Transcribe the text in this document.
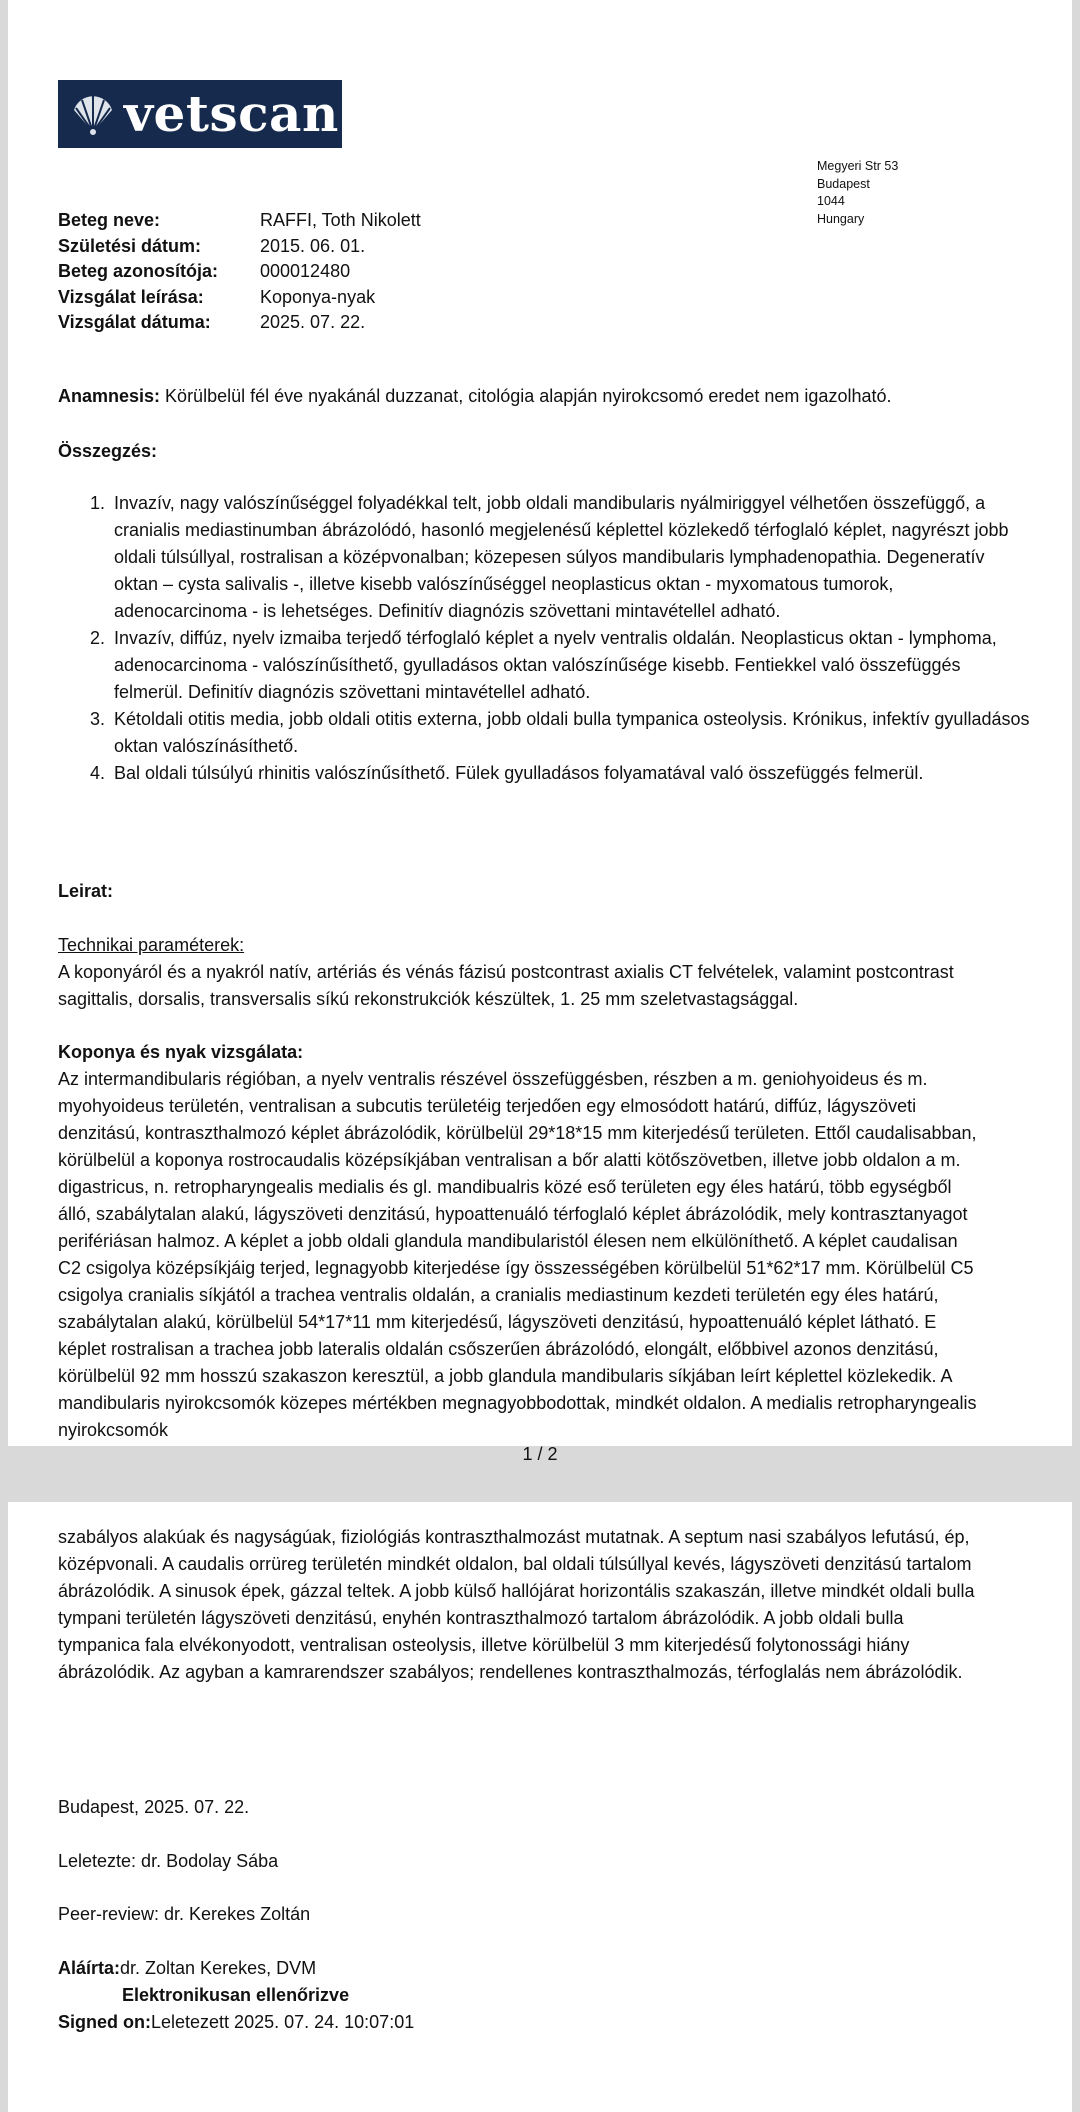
vetscan
Megyeri Str 53
Budapest
1044
Hungary
Beteg neve:	RAFFI, Toth Nikolett
Születési dátum:	2015. 06. 01.
Beteg azonosítója:	000012480
Vizsgálat leírása:	Koponya-nyak
Vizsgálat dátuma:	2025. 07. 22.
Anamnesis: Körülbelül fél éve nyakánál duzzanat, citológia alapján nyirokcsomó eredet nem igazolható.
Összegzés:
1. Invazív, nagy valószínűséggel folyadékkal telt, jobb oldali mandibularis nyálmiriggyel vélhetően összefüggő, a cranialis mediastinumban ábrázolódó, hasonló megjelenésű képlettel közlekedő térfoglaló képlet, nagyrészt jobb oldali túlsúllyal, rostralisan a középvonalban; közepesen súlyos mandibularis lymphadenopathia. Degeneratív oktan – cysta salivalis -, illetve kisebb valószínűséggel neoplasticus oktan - myxomatous tumorok, adenocarcinoma - is lehetséges. Definitív diagnózis szövettani mintavétellel adható.
2. Invazív, diffúz, nyelv izmaiba terjedő térfoglaló képlet a nyelv ventralis oldalán. Neoplasticus oktan - lymphoma, adenocarcinoma - valószínűsíthető, gyulladásos oktan valószínűsége kisebb. Fentiekkel való összefüggés felmerül. Definitív diagnózis szövettani mintavétellel adható.
3. Kétoldali otitis media, jobb oldali otitis externa, jobb oldali bulla tympanica osteolysis. Krónikus, infektív gyulladásos oktan valószínásíthető.
4. Bal oldali túlsúlyú rhinitis valószínűsíthető. Fülek gyulladásos folyamatával való összefüggés felmerül.
Leirat:
Technikai paraméterek:
A koponyáról és a nyakról natív, artériás és vénás fázisú postcontrast axialis CT felvételek, valamint postcontrast sagittalis, dorsalis, transversalis síkú rekonstrukciók készültek, 1. 25 mm szeletvastagsággal.
Koponya és nyak vizsgálata:
Az intermandibularis régióban, a nyelv ventralis részével összefüggésben, részben a m. geniohyoideus és m. myohyoideus területén, ventralisan a subcutis területéig terjedően egy elmosódott határú, diffúz, lágyszöveti denzitású, kontraszthalmozó képlet ábrázolódik, körülbelül 29*18*15 mm kiterjedésű területen. Ettől caudalisabban, körülbelül a koponya rostrocaudalis középsíkjában ventralisan a bőr alatti kötőszövetben, illetve jobb oldalon a m. digastricus, n. retropharyngealis medialis és gl. mandibualris közé eső területen egy éles határú, több egységből álló, szabálytalan alakú, lágyszöveti denzitású, hypoattenuáló térfoglaló képlet ábrázolódik, mely kontrasztanyagot perifériásan halmoz. A képlet a jobb oldali glandula mandibularistól élesen nem elkülöníthető. A képlet caudalisan C2 csigolya középsíkjáig terjed, legnagyobb kiterjedése így összességében körülbelül 51*62*17 mm. Körülbelül C5 csigolya cranialis síkjától a trachea ventralis oldalán, a cranialis mediastinum kezdeti területén egy éles határú, szabálytalan alakú, körülbelül 54*17*11 mm kiterjedésű, lágyszöveti denzitású, hypoattenuáló képlet látható. E képlet rostralisan a trachea jobb lateralis oldalán csőszerűen ábrázolódó, elongált, előbbivel azonos denzitású, körülbelül 92 mm hosszú szakaszon keresztül, a jobb glandula mandibularis síkjában leírt képlettel közlekedik. A mandibularis nyirokcsomók közepes mértékben megnagyobbodottak, mindkét oldalon. A medialis retropharyngealis nyirokcsomók
1 / 2
szabályos alakúak és nagyságúak, fiziológiás kontraszthalmozást mutatnak. A septum nasi szabályos lefutású, ép, középvonali. A caudalis orrüreg területén mindkét oldalon, bal oldali túlsúllyal kevés, lágyszöveti denzitású tartalom ábrázolódik. A sinusok épek, gázzal teltek. A jobb külső hallójárat horizontális szakaszán, illetve mindkét oldali bulla tympani területén lágyszöveti denzitású, enyhén kontraszthalmozó tartalom ábrázolódik. A jobb oldali bulla tympanica fala elvékonyodott, ventralisan osteolysis, illetve körülbelül 3 mm kiterjedésű folytonossági hiány ábrázolódik. Az agyban a kamrarendszer szabályos; rendellenes kontraszthalmozás, térfoglalás nem ábrázolódik.
Budapest, 2025. 07. 22.
Leletezte: dr. Bodolay Sába
Peer-review: dr. Kerekes Zoltán
Aláírta:dr. Zoltan Kerekes, DVM
Elektronikusan ellenőrizve
Signed on:Leletezett 2025. 07. 24. 10:07:01
